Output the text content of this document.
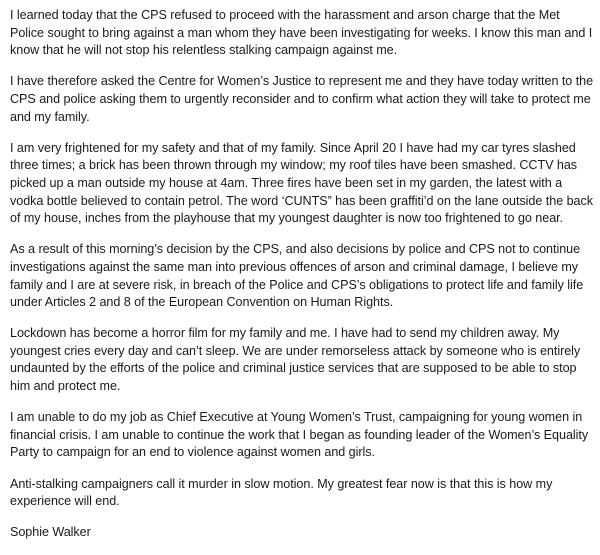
I learned today that the CPS refused to proceed with the harassment and arson charge that the Met Police sought to bring against a man whom they have been investigating for weeks. I know this man and I know that he will not stop his relentless stalking campaign against me.

I have therefore asked the Centre for Women’s Justice to represent me and they have today written to the CPS and police asking them to urgently reconsider and to confirm what action they will take to protect me and my family.

I am very frightened for my safety and that of my family. Since April 20 I have had my car tyres slashed three times; a brick has been thrown through my window; my roof tiles have been smashed. CCTV has picked up a man outside my house at 4am. Three fires have been set in my garden, the latest with a vodka bottle believed to contain petrol. The word ‘CUNTS” has been graffiti’d on the lane outside the back of my house, inches from the playhouse that my youngest daughter is now too frightened to go near.

As a result of this morning’s decision by the CPS, and also decisions by police and CPS not to continue investigations against the same man into previous offences of arson and criminal damage, I believe my family and I are at severe risk, in breach of the Police and CPS’s obligations to protect life and family life under Articles 2 and 8 of the European Convention on Human Rights.

Lockdown has become a horror film for my family and me. I have had to send my children away. My youngest cries every day and can’t sleep. We are under remorseless attack by someone who is entirely undaunted by the efforts of the police and criminal justice services that are supposed to be able to stop him and protect me.

I am unable to do my job as Chief Executive at Young Women’s Trust, campaigning for young women in financial crisis. I am unable to continue the work that I began as founding leader of the Women’s Equality Party to campaign for an end to violence against women and girls.

Anti-stalking campaigners call it murder in slow motion. My greatest fear now is that this is how my experience will end.

Sophie Walker
